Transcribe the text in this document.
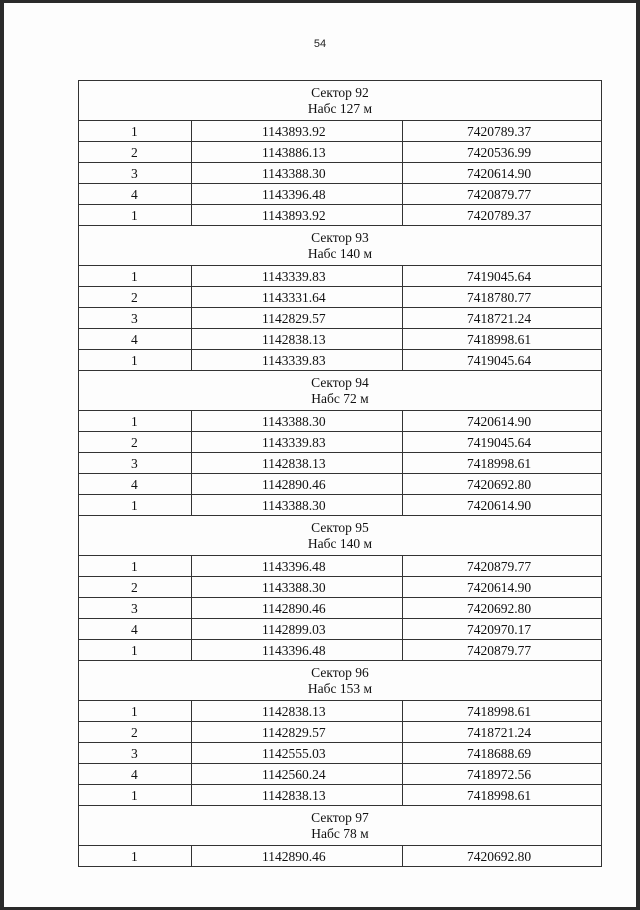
54
Сектор 92
Набс 127 м		

1	1143893.92	7420789.37
2	1143886.13	7420536.99
3	1143388.30	7420614.90
4	1143396.48	7420879.77
1	1143893.92	7420789.37

Сектор 93
Набс 140 м		

1	1143339.83	7419045.64
2	1143331.64	7418780.77
3	1142829.57	7418721.24
4	1142838.13	7418998.61
1	1143339.83	7419045.64

Сектор 94
Набс 72 м		

1	1143388.30	7420614.90
2	1143339.83	7419045.64
3	1142838.13	7418998.61
4	1142890.46	7420692.80
1	1143388.30	7420614.90

Сектор 95
Набс 140 м		

1	1143396.48	7420879.77
2	1143388.30	7420614.90
3	1142890.46	7420692.80
4	1142899.03	7420970.17
1	1143396.48	7420879.77

Сектор 96
Набс 153 м		

1	1142838.13	7418998.61
2	1142829.57	7418721.24
3	1142555.03	7418688.69
4	1142560.24	7418972.56
1	1142838.13	7418998.61

Сектор 97
Набс 78 м		

1	1142890.46	7420692.80
